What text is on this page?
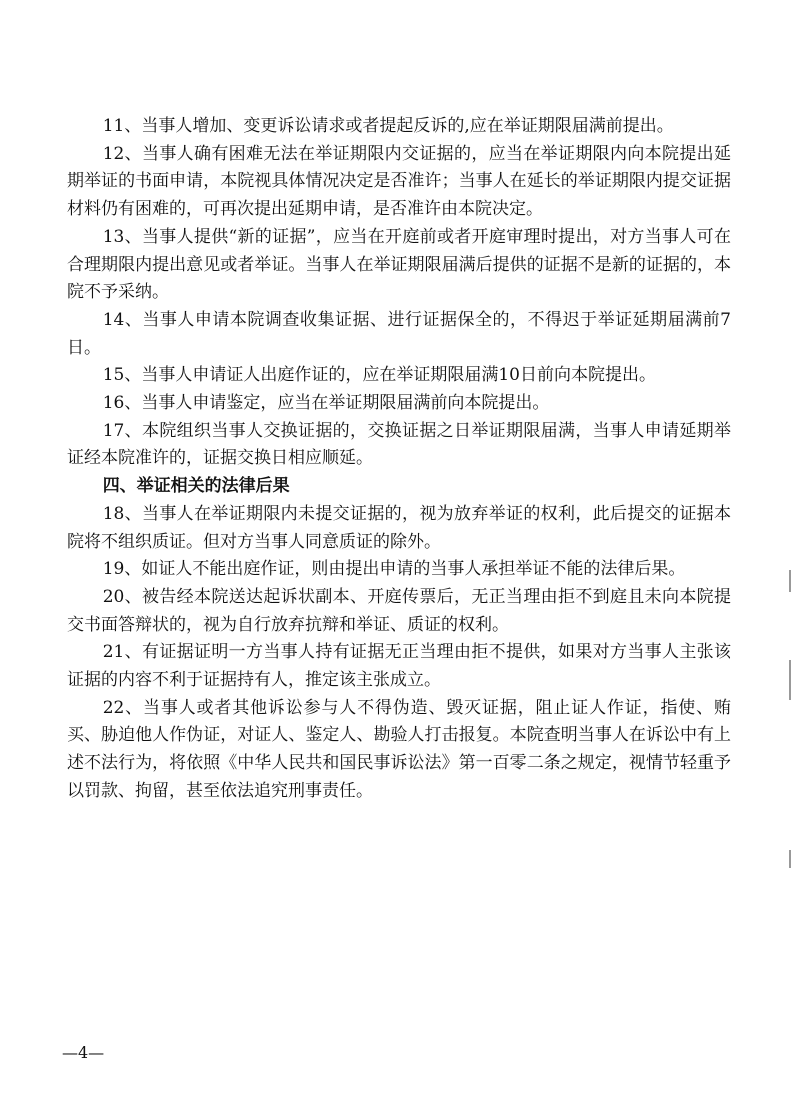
11、当事人增加、变更诉讼请求或者提起反诉的,应在举证期限届满前提出。

12、当事人确有困难无法在举证期限内交证据的，应当在举证期限内向本院提出延期举证的书面申请，本院视具体情况决定是否准许；当事人在延长的举证期限内提交证据材料仍有困难的，可再次提出延期申请，是否准许由本院决定。

13、当事人提供“新的证据”，应当在开庭前或者开庭审理时提出，对方当事人可在合理期限内提出意见或者举证。当事人在举证期限届满后提供的证据不是新的证据的，本院不予采纳。

14、当事人申请本院调查收集证据、进行证据保全的，不得迟于举证延期届满前7日。

15、当事人申请证人出庭作证的，应在举证期限届满10日前向本院提出。

16、当事人申请鉴定，应当在举证期限届满前向本院提出。

17、本院组织当事人交换证据的，交换证据之日举证期限届满，当事人申请延期举证经本院准许的，证据交换日相应顺延。

四、举证相关的法律后果

18、当事人在举证期限内未提交证据的，视为放弃举证的权利，此后提交的证据本院将不组织质证。但对方当事人同意质证的除外。

19、如证人不能出庭作证，则由提出申请的当事人承担举证不能的法律后果。

20、被告经本院送达起诉状副本、开庭传票后，无正当理由拒不到庭且未向本院提交书面答辩状的，视为自行放弃抗辩和举证、质证的权利。

21、有证据证明一方当事人持有证据无正当理由拒不提供，如果对方当事人主张该证据的内容不利于证据持有人，推定该主张成立。

22、当事人或者其他诉讼参与人不得伪造、毁灭证据，阻止证人作证，指使、贿买、胁迫他人作伪证，对证人、鉴定人、勘验人打击报复。本院查明当事人在诉讼中有上述不法行为，将依照《中华人民共和国民事诉讼法》第一百零二条之规定，视情节轻重予以罚款、拘留，甚至依法追究刑事责任。

—4—
